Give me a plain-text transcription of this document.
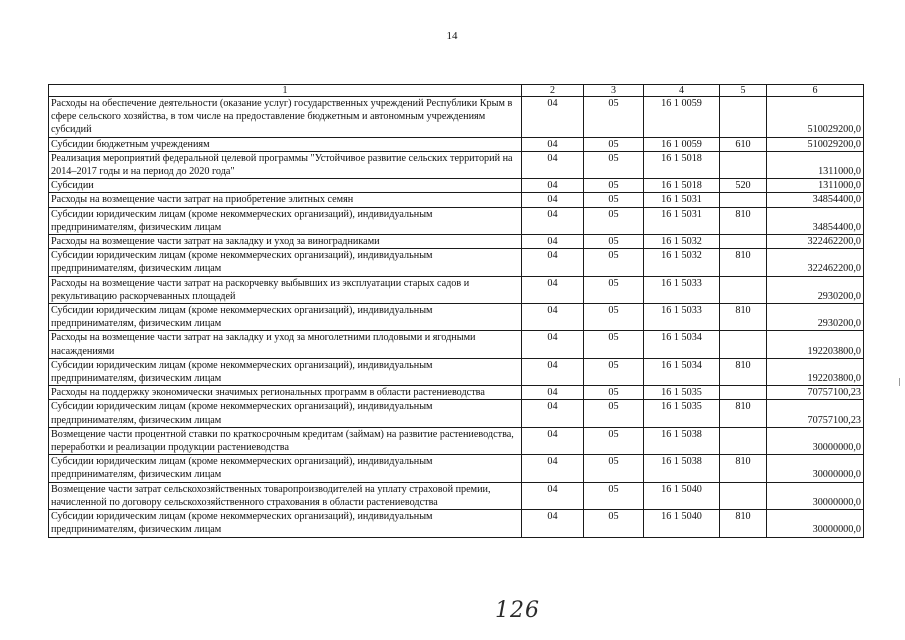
14
1	2	3	4	5	6
Расходы на обеспечение деятельности (оказание услуг) государственных учреждений Республики Крым в сфере сельского хозяйства, в том числе на предоставление бюджетным и автономным учреждениям субсидий	04	05	16 1 0059		510029200,0
Субсидии бюджетным учреждениям	04	05	16 1 0059	610	510029200,0
Реализация мероприятий федеральной целевой программы "Устойчивое развитие сельских территорий на 2014–2017 годы и на период до 2020 года"	04	05	16 1 5018		1311000,0
Субсидии	04	05	16 1 5018	520	1311000,0
Расходы на возмещение части затрат на приобретение элитных семян	04	05	16 1 5031		34854400,0
Субсидии юридическим лицам (кроме некоммерческих организаций), индивидуальным предпринимателям, физическим лицам	04	05	16 1 5031	810	34854400,0
Расходы на возмещение части затрат на закладку и уход за виноградниками	04	05	16 1 5032		322462200,0
Субсидии юридическим лицам (кроме некоммерческих организаций), индивидуальным предпринимателям, физическим лицам	04	05	16 1 5032	810	322462200,0
Расходы на возмещение части затрат на раскорчевку выбывших из эксплуатации старых садов и рекультивацию раскорчеванных площадей	04	05	16 1 5033		2930200,0
Субсидии юридическим лицам (кроме некоммерческих организаций), индивидуальным предпринимателям, физическим лицам	04	05	16 1 5033	810	2930200,0
Расходы на возмещение части затрат на закладку и уход за многолетними плодовыми и ягодными насаждениями	04	05	16 1 5034		192203800,0
Субсидии юридическим лицам (кроме некоммерческих организаций), индивидуальным предпринимателям, физическим лицам	04	05	16 1 5034	810	192203800,0
Расходы на поддержку экономически значимых региональных программ в области растениеводства	04	05	16 1 5035		70757100,23
Субсидии юридическим лицам (кроме некоммерческих организаций), индивидуальным предпринимателям, физическим лицам	04	05	16 1 5035	810	70757100,23
Возмещение части процентной ставки по краткосрочным кредитам (займам) на развитие растениеводства, переработки и реализации продукции растениеводства	04	05	16 1 5038		30000000,0
Субсидии юридическим лицам (кроме некоммерческих организаций), индивидуальным предпринимателям, физическим лицам	04	05	16 1 5038	810	30000000,0
Возмещение части затрат сельскохозяйственных товаропроизводителей на уплату страховой премии, начисленной по договору сельскохозяйственного страхования в области растениеводства	04	05	16 1 5040		30000000,0
Субсидии юридическим лицам (кроме некоммерческих организаций), индивидуальным предпринимателям, физическим лицам	04	05	16 1 5040	810	30000000,0
126
